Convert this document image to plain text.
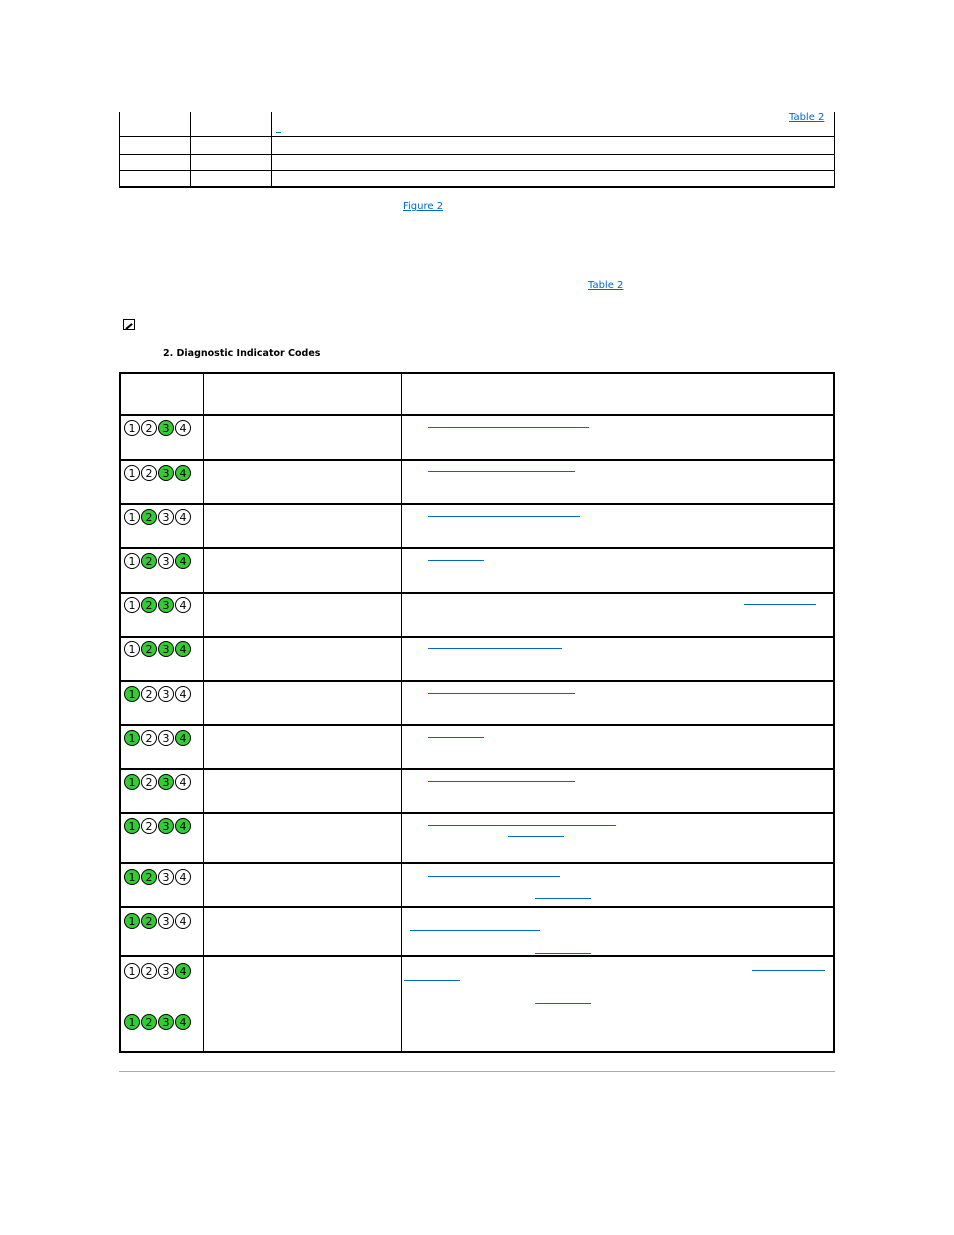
Table 2
Figure 2
Table 2
2. Diagnostic Indicator Codes
1 2 3 4
1 2 3 4
1 2 3 4
1 2 3 4
1 2 3 4
1 2 3 4
1 2 3 4
1 2 3 4
1 2 3 4
1 2 3 4
1 2 3 4
1 2 3 4
1 2 3 4
1 2 3 4
